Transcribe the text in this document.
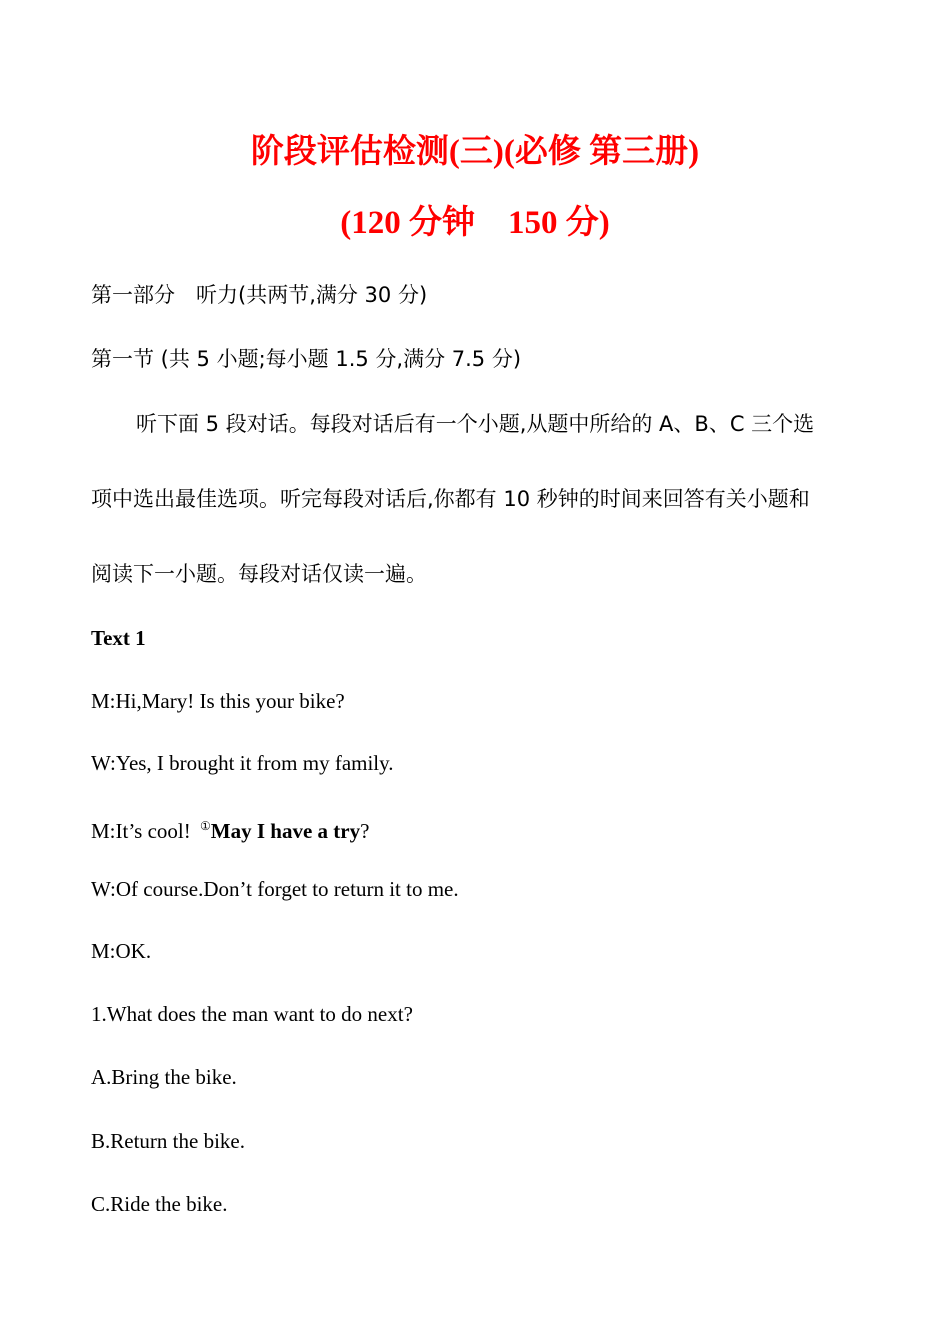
阶段评估检测(三)(必修 第三册)
(120 分钟　150 分)

第一部分　听力(共两节,满分 30 分)

第一节 (共 5 小题;每小题 1.5 分,满分 7.5 分)

听下面 5 段对话。每段对话后有一个小题,从题中所给的 A、B、C 三个选

项中选出最佳选项。听完每段对话后,你都有 10 秒钟的时间来回答有关小题和

阅读下一小题。每段对话仅读一遍。

Text 1

M:Hi,Mary! Is this your bike?

W:Yes, I brought it from my family.

M:It’s cool! ①May I have a try?

W:Of course.Don’t forget to return it to me.

M:OK.

1.What does the man want to do next?

A.Bring the bike.

B.Return the bike.

C.Ride the bike.
